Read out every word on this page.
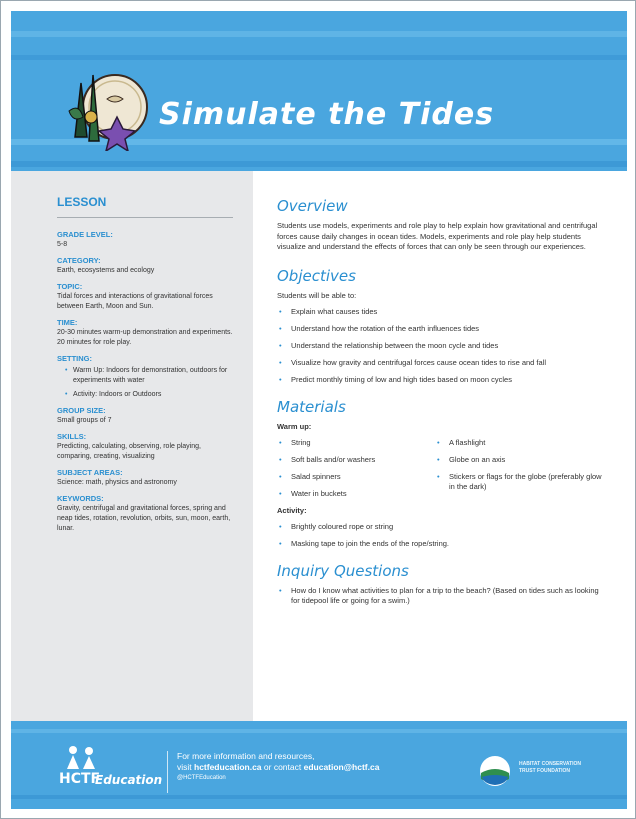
Simulate the Tides
LESSON
GRADE LEVEL:
5-8
CATEGORY:
Earth, ecosystems and ecology
TOPIC:
Tidal forces and interactions of gravitational forces between Earth, Moon and Sun.
TIME:
20-30 minutes warm-up demonstration and experiments. 20 minutes for role play.
SETTING:
• Warm Up: Indoors for demonstration, outdoors for experiments with water
• Activity: Indoors or Outdoors
GROUP SIZE:
Small groups of 7
SKILLS:
Predicting, calculating, observing, role playing, comparing, creating, visualizing
SUBJECT AREAS:
Science: math, physics and astronomy
KEYWORDS:
Gravity, centrifugal and gravitational forces, spring and neap tides, rotation, revolution, orbits, sun, moon, earth, lunar.
Overview
Students use models, experiments and role play to help explain how gravitational and centrifugal forces cause daily changes in ocean tides. Models, experiments and role play help students visualize and understand the effects of forces that can only be seen through our experiences.
Objectives
Students will be able to:
• Explain what causes tides
• Understand how the rotation of the earth influences tides
• Understand the relationship between the moon cycle and tides
• Visualize how gravity and centrifugal forces cause ocean tides to rise and fall
• Predict monthly timing of low and high tides based on moon cycles
Materials
Warm up:
• String
• Soft balls and/or washers
• Salad spinners
• Water in buckets
• A flashlight
• Globe on an axis
• Stickers or flags for the globe (preferably glow in the dark)
Activity:
• Brightly coloured rope or string
• Masking tape to join the ends of the rope/string.
Inquiry Questions
• How do I know what activities to plan for a trip to the beach? (Based on tides such as looking for tidepool life or going for a swim.)
HCTF
Education
For more information and resources,
visit hctfeducation.ca or contact education@hctf.ca
@HCTFEducation
HABITAT CONSERVATION TRUST FOUNDATION
